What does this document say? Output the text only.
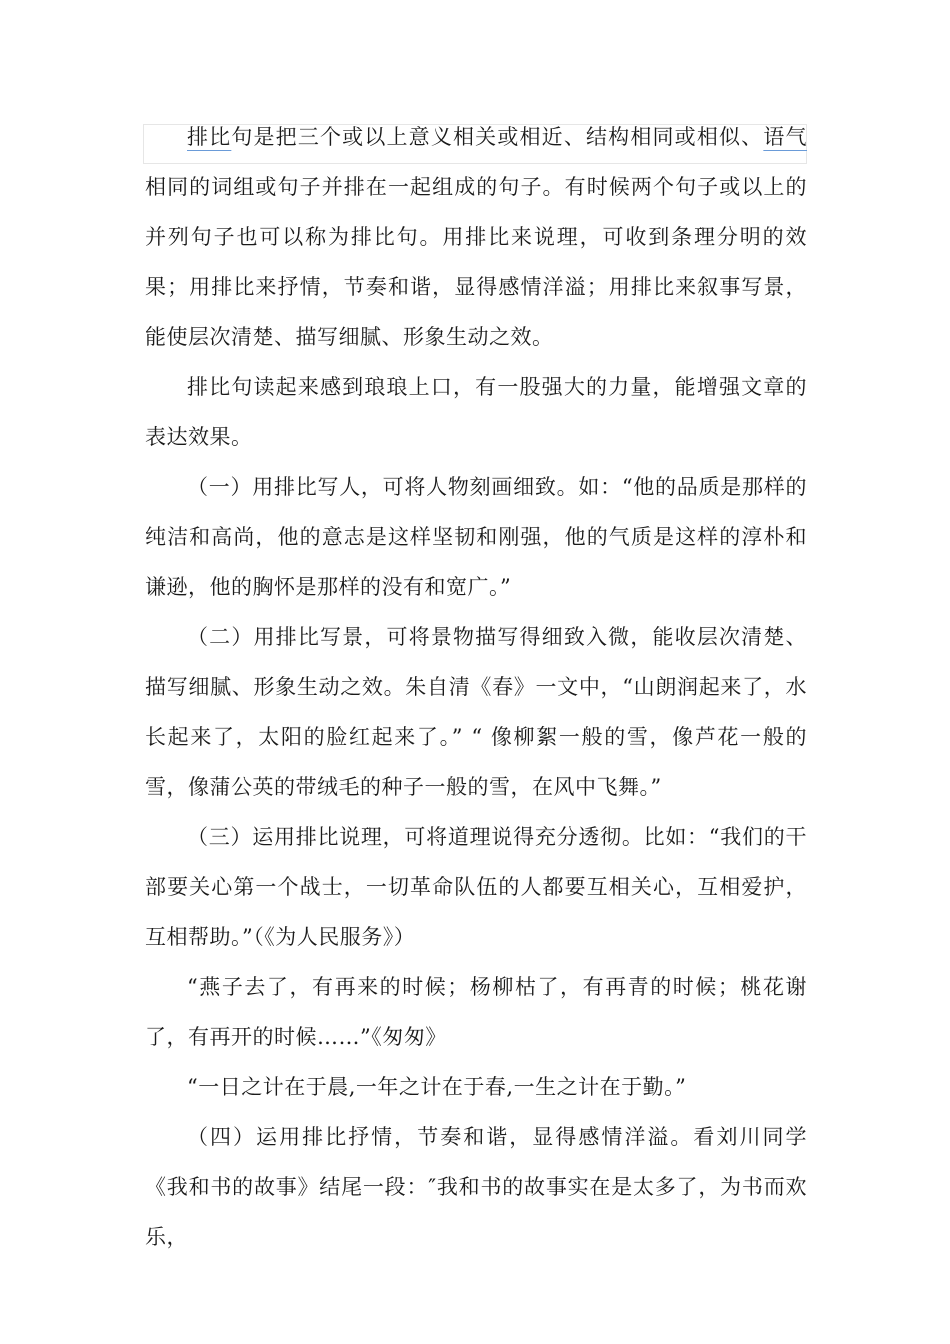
排比句是把三个或以上意义相关或相近、结构相同或相似、语气相同的词组或句子并排在一起组成的句子。有时候两个句子或以上的并列句子也可以称为排比句。用排比来说理，可收到条理分明的效果；用排比来抒情，节奏和谐，显得感情洋溢；用排比来叙事写景，能使层次清楚、描写细腻、形象生动之效。

排比句读起来感到琅琅上口，有一股强大的力量，能增强文章的表达效果。

（一）用排比写人，可将人物刻画细致。如：“他的品质是那样的纯洁和高尚，他的意志是这样坚韧和刚强，他的气质是这样的淳朴和谦逊，他的胸怀是那样的没有和宽广。”

（二）用排比写景，可将景物描写得细致入微，能收层次清楚、描写细腻、形象生动之效。朱自清《春》一文中，“山朗润起来了，水长起来了，太阳的脸红起来了。” “ 像柳絮一般的雪，像芦花一般的雪，像蒲公英的带绒毛的种子一般的雪，在风中飞舞。”

（三）运用排比说理，可将道理说得充分透彻。比如：“我们的干部要关心第一个战士，一切革命队伍的人都要互相关心，互相爱护，互相帮助。”（《为人民服务》）

“燕子去了，有再来的时候；杨柳枯了，有再青的时候；桃花谢了，有再开的时候……”《匆匆》

“一日之计在于晨,一年之计在于春,一生之计在于勤。”

（四）运用排比抒情，节奏和谐，显得感情洋溢。看刘川同学《我和书的故事》结尾一段：″我和书的故事实在是太多了，为书而欢乐，
